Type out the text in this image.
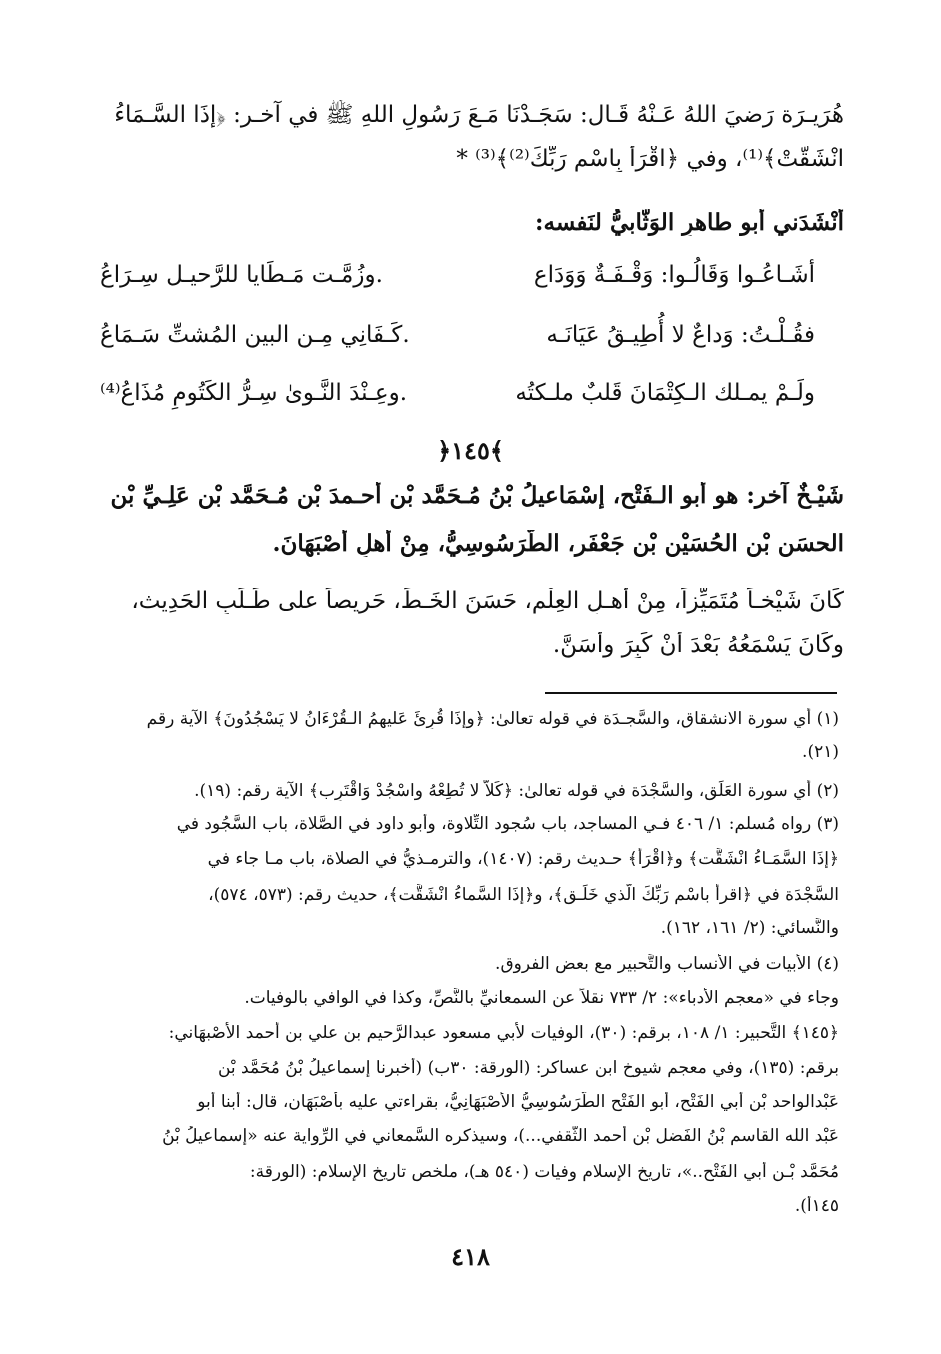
هُرَيـرَة رَضيَ اللهُ عَـنْهُ قَـال: سَجَـدْنَا مَـعَ رَسُولِ اللهِ ﷺ في آخـر: ﴿إذَا السَّـمَاءُ
انْشَقَّتْ﴾⁽¹⁾، وفي ﴿اقْرَأْ بِاسْمِ رَبِّكَ⁽²⁾﴾⁽³⁾ *
أنْشَدَني أبو طاهرٍ الوَثَّابيُّ لنَفسه:
أشَـاعُـوا وَقَالُـوا: وَقْـفَـةٌ وَوَدَاع
وزُمَّـت مَـطَايا للرَّحيـل سِـرَاعُ.
فقُـلْـتُ: وَداعٌ لا أُطِيـقُ عَيَانَـه
كَـفَانِي مِـن البين المُشتِّ سَـمَاعُ.
ولَـمْ يمـلك الـكِتْمَانَ قَلبٌ ملـكتُه
وعِـنْدَ النَّـوىٰ سِـرُّ الكَتُومِ مُذَاعُ⁽⁴⁾.
﴿١٤٥﴾
شَيْـخٌ آخر: هو أبو الـفَتْح، إسْمَاعيلُ بْنُ مُـحَمَّد بْن أحـمدَ بْن مُـحَمَّد بْن عَلِـيِّ بْنِ
الحسَنِ بْنِ الحُسَيْنِ بْنِ جَعْفَر، الطَّرَسُوسِيُّ، مِنْ أهلِ أصْبَهَانَ.
كَانَ شَيْخـاً مُتَمَيِّزاً، مِنْ أهـلِ العِلْمِ، حَسَنَ الخَـطِّ، حَرِيصاً على طَـلَبِ الحَدِيث،
وكَانَ يَسْمَعُهُ بَعْدَ أنْ كَبِرَ وأسَنَّ.
(١) أي سورة الانشقاق، والسَّجـدَة في قوله تعالىٰ: ﴿وإذَا قُرِئَ عَليهِمُ الـقُرْءَانُ لا يَسْجُدُونَ﴾ الآية رقم
(٢١).
(٢) أي سورة العَلَق، والسَّجْدَة في قوله تعالىٰ: ﴿كَلاَّ لا تُطِعْهُ واسْجُدْ وَاقْتَرِب﴾ الآية رقم: (١٩).
(٣) رواه مُسلم: ١/ ٤٠٦ فـي المساجد، باب سُجود التِّلاوة، وأبو داود في الصَّلاة، باب السَّجُود في
﴿إذَا السَّمَـاءُ انْشَقَّت﴾ و﴿اقْرَأ﴾ حـديث رقم: (١٤٠٧)، والترمـذيُّ في الصلاة، باب مـا جاء في
السَّجْدَة في ﴿اقرأ باسْمِ رَبِّكَ الَّذي خَلَـق﴾، و﴿إذَا السَّماءُ انْشَقَّت﴾، حديث رقم: (٥٧٣، ٥٧٤)،
والنَّسائي: (٢/ ١٦١، ١٦٢).
(٤) الأبيات في الأنساب والتَّحبير مع بعض الفروق.
وجاء في «معجم الأدباء»: ٢/ ٧٣٣ نقلاً عن السمعانيِّ بالنَّصِّ، وكذا في الوافي بالوفيات.
﴿١٤٥﴾ التَّحبير: ١/ ١٠٨، برقم: (٣٠)، الوفيات لأبي مسعود عبدالرَّحيم بن علي بن أحمد الأصْبهَاني:
برقم: (١٣٥)، وفي معجم شيوخ ابن عساكر: (الورقة: ٣٠ب) (أخبرنا إسماعيلُ بْنُ مُحَمَّد بْنِ
عَبْدالواحد بْنِ أبي الفَتْح، أبو الفَتْح الطَّرَسُوسِيُّ الأصْبَهَانِيُّ، بقراءتي عليه بأصْبَهَان، قال: أبنا أبو
عَبْد الله القاسم بْنُ الفَضل بْنِ أحمد الثَّقفي...)، وسيذكره السَّمعاني في الرِّواية عنه «إسماعيلُ بْنُ
مُحَمَّد بْـنِ أبي الفَتْح..»، تاريخ الإسلام وفيات (٥٤٠ هـ)، ملخص تاريخ الإسلام: (الورقة:
١٤٥أ).
٤١٨
